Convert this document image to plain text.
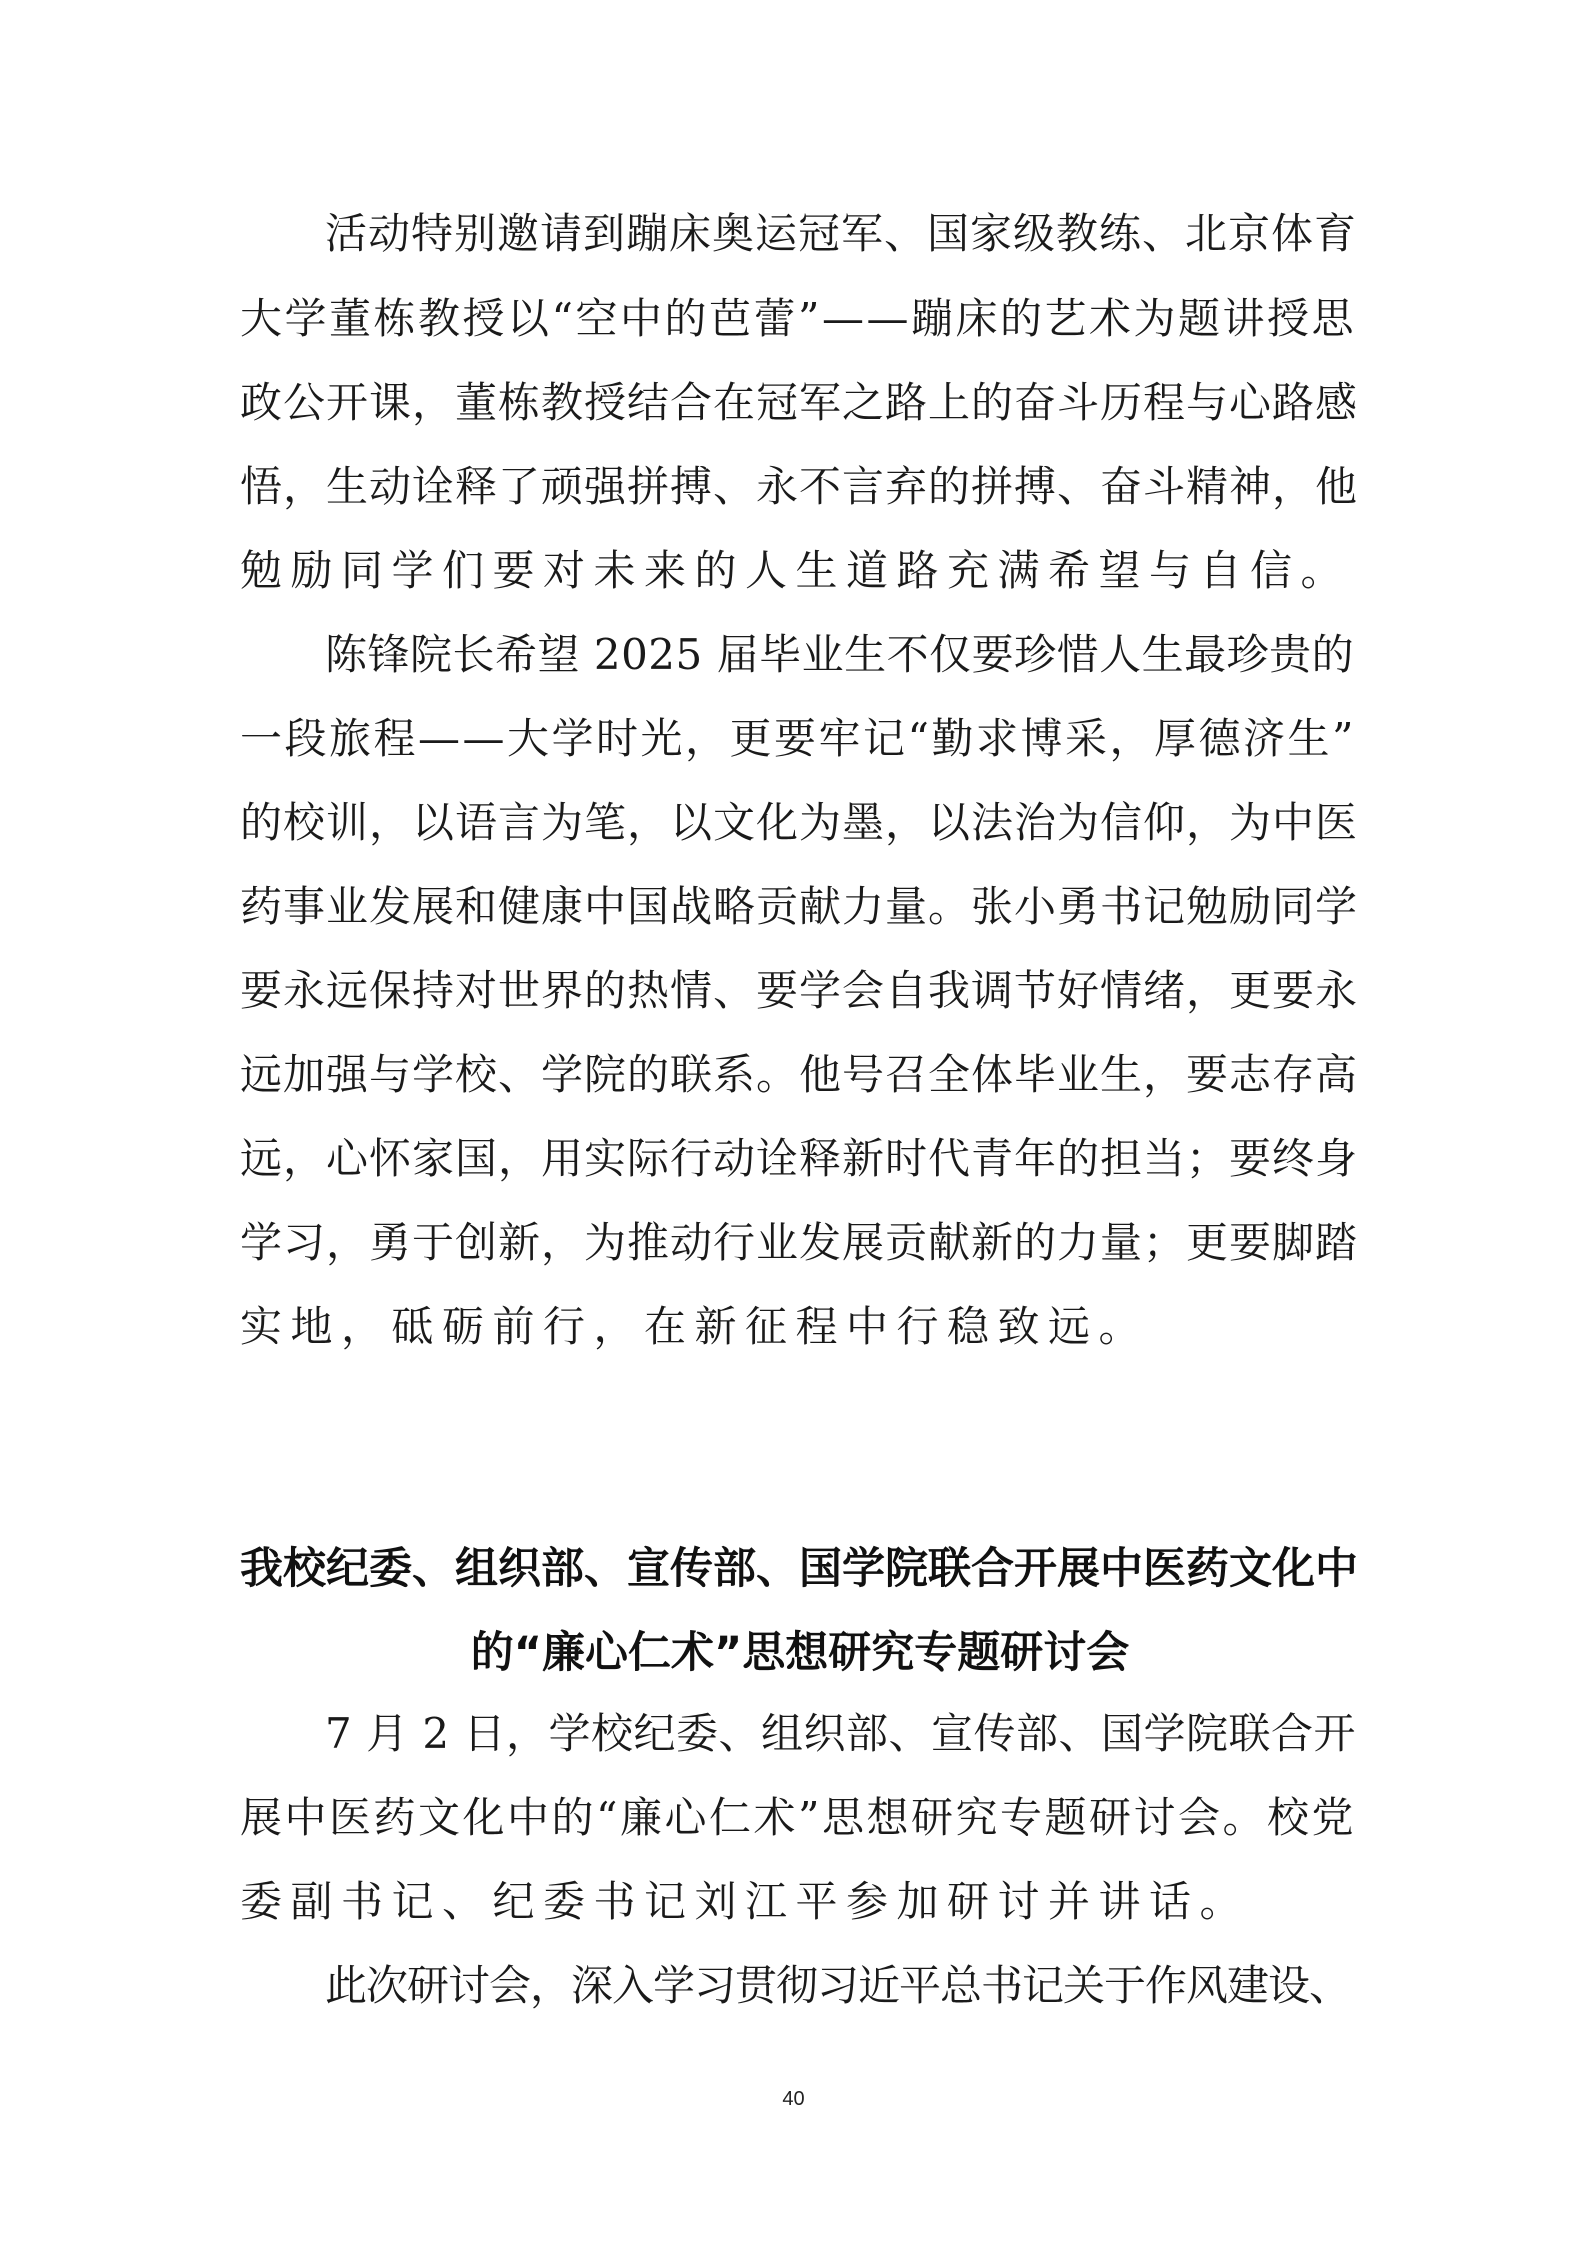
活动特别邀请到蹦床奥运冠军、国家级教练、北京体育
大学董栋教授以“空中的芭蕾”——蹦床的艺术为题讲授思
政公开课，董栋教授结合在冠军之路上的奋斗历程与心路感
悟，生动诠释了顽强拼搏、永不言弃的拼搏、奋斗精神，他
勉励同学们要对未来的人生道路充满希望与自信。
陈锋院长希望 2025 届毕业生不仅要珍惜人生最珍贵的
一段旅程——大学时光，更要牢记“勤求博采，厚德济生”
的校训，以语言为笔，以文化为墨，以法治为信仰，为中医
药事业发展和健康中国战略贡献力量。张小勇书记勉励同学
要永远保持对世界的热情、要学会自我调节好情绪，更要永
远加强与学校、学院的联系。他号召全体毕业生，要志存高
远，心怀家国，用实际行动诠释新时代青年的担当；要终身
学习，勇于创新，为推动行业发展贡献新的力量；更要脚踏
实地，砥砺前行，在新征程中行稳致远。
我校纪委、组织部、宣传部、国学院联合开展中医药文化中
的“廉心仁术”思想研究专题研讨会
7 月 2 日，学校纪委、组织部、宣传部、国学院联合开
展中医药文化中的“廉心仁术”思想研究专题研讨会。校党
委副书记、纪委书记刘江平参加研讨并讲话。
此次研讨会，深入学习贯彻习近平总书记关于作风建设、
40
